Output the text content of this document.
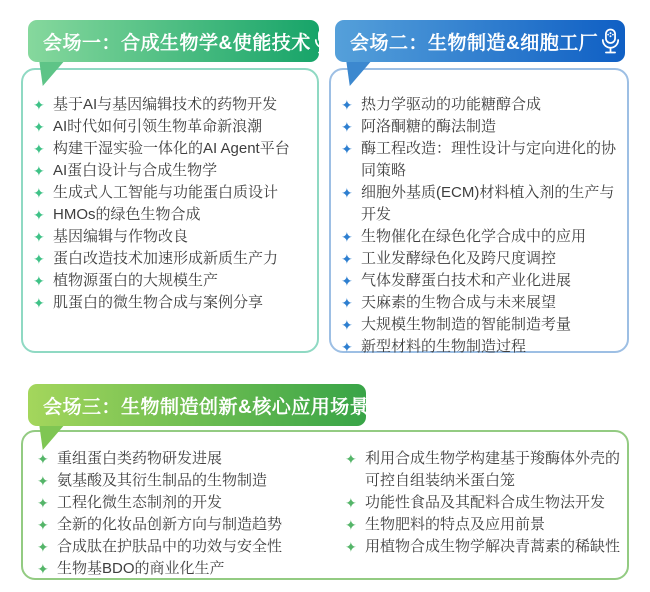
会场一：合成生物学&使能技术
✦ 基于AI与基因编辑技术的药物开发
✦ AI时代如何引领生物革命新浪潮
✦ 构建干湿实验一体化的AI Agent平台
✦ AI蛋白设计与合成生物学
✦ 生成式人工智能与功能蛋白质设计
✦ HMOs的绿色生物合成
✦ 基因编辑与作物改良
✦ 蛋白改造技术加速形成新质生产力
✦ 植物源蛋白的大规模生产
✦ 肌蛋白的微生物合成与案例分享
会场二：生物制造&细胞工厂
✦ 热力学驱动的功能糖醇合成
✦ 阿洛酮糖的酶法制造
✦ 酶工程改造：理性设计与定向进化的协同策略
✦ 细胞外基质(ECM)材料植入剂的生产与开发
✦ 生物催化在绿色化学合成中的应用
✦ 工业发酵绿色化及跨尺度调控
✦ 气体发酵蛋白技术和产业化进展
✦ 天麻素的生物合成与未来展望
✦ 大规模生物制造的智能制造考量
✦ 新型材料的生物制造过程
会场三：生物制造创新&核心应用场景
✦ 重组蛋白类药物研发进展
✦ 氨基酸及其衍生制品的生物制造
✦ 工程化微生态制剂的开发
✦ 全新的化妆品创新方向与制造趋势
✦ 合成肽在护肤品中的功效与安全性
✦ 生物基BDO的商业化生产
✦ 利用合成生物学构建基于羧酶体外壳的可控自组装纳米蛋白笼
✦ 功能性食品及其配料合成生物法开发
✦ 生物肥料的特点及应用前景
✦ 用植物合成生物学解决青蒿素的稀缺性
